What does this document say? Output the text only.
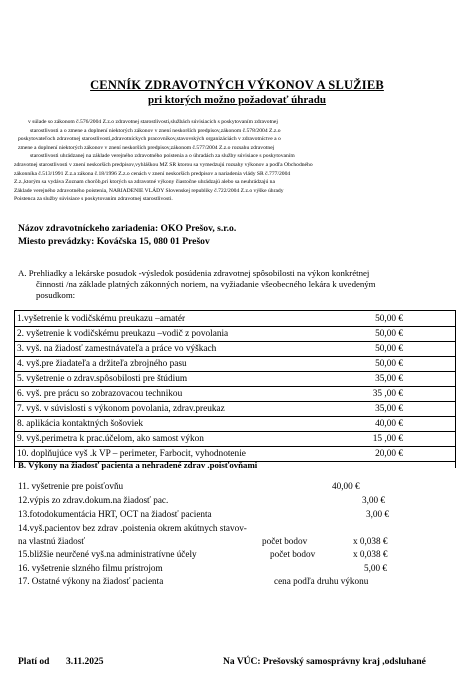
CENNÍK ZDRAVOTNÝCH VÝKONOV A SLUŽIEB
pri ktorých možno požadovať úhradu
v súlade so zákonom č.576/2004 Z.z.o zdravotnej starostlivosti,službách súvisiacich s poskytovaním zdravotnej
starostlivosti a o zmene a doplnení niektorých zákonov v znení neskorších predpisov,zákonom č.578/2004 Z.z.o
poskytovateľoch zdravotnej starostlivosti,zdravotníckych pracovníkov,stavovských organizáciách v zdravotníctve a o
zmene a doplnení niektorých zákonov v znení neskorších predpisov,zákonom č.577/2004 Z.z.o rozsahu zdravotnej
starostlivosti uhrádzanej na základe verejného zdravotného poistenia a o úhradách za služby súvisiace s poskytovaním
zdravotnej starostlivosti v znení neskorších predpisov,vyhláškou MZ SR ktorou sa vymedzujú rozsahy výkonov a podľa Obchodného
zákonníka č.513/1991 Z.z.a zákona č.18/1996 Z.z.o cenách v znení neskorších predpisov a nariadenia vlády SR č.777/2004
Z.z.,ktorým sa vydáva Zoznam chorôb,pri ktorých sa zdravotné výkony čiastočne uhrádzajú alebo sa neuhrádzajú na
Základe verejného zdravotného poistenia, NARIADENIE VLÁDY Slovenskej republiky č.722/2004 Z.z.o výške úhrady
Poistenca za služby súvisiace s poskytovaním zdravotnej starostlivosti.
Názov zdravotníckeho zariadenia: OKO Prešov, s.r.o.
Miesto prevádzky: Kováčska 15, 080 01 Prešov
A. Prehliadky a lekárske posudok -výsledok posúdenia zdravotnej spôsobilosti na výkon konkrétnej
činnosti /na základe platných zákonných noriem, na vyžiadanie všeobecného lekára k uvedeným
posudkom:
1.vyšetrenie k vodičskému preukazu –amatér	50,00 €
2. vyšetrenie k vodičskému preukazu –vodič z povolania	50,00 €
3. vyš. na žiadosť zamestnávateľa a práce vo výškach	50,00 €
4. vyš.pre žiadateľa a držiteľa zbrojného pasu	50,00 €
5. vyšetrenie o zdrav.spôsobilosti pre štúdium	35,00 €
6. vyš. pre prácu so zobrazovacou technikou	35 ,00 €
7. vyš. v súvislosti s výkonom povolania, zdrav.preukaz	35,00 €
8. aplikácia kontaktných šošoviek	40,00 €
9. vyš.perimetra k prac.účelom, ako samost výkon	15 ,00 €
10. doplňujúce vyš .k VP – perimeter, Farbocit, vyhodnotenie	20,00 €
B. Výkony na žiadosť pacienta a nehradené zdrav .poisťovňami
11. vyšetrenie pre poisťovňu	40,00 €
12.výpis zo zdrav.dokum.na žiadosť pac.	3,00 €
13.fotodokumentácia HRT, OCT na žiadosť pacienta	3,00 €
14.vyš.pacientov bez zdrav .poistenia okrem akútnych stavov-
na vlastnú žiadosť	počet bodov	x 0,038 €
15.bližšie neurčené vyš.na administratívne účely	počet bodov	x 0,038 €
16. vyšetrenie slzného filmu prístrojom	5,00 €
17. Ostatné výkony na žiadosť pacienta	cena podľa druhu výkonu
Platí od 3.11.2025	Na VÚC: Prešovský samosprávny kraj ,odsluhané
